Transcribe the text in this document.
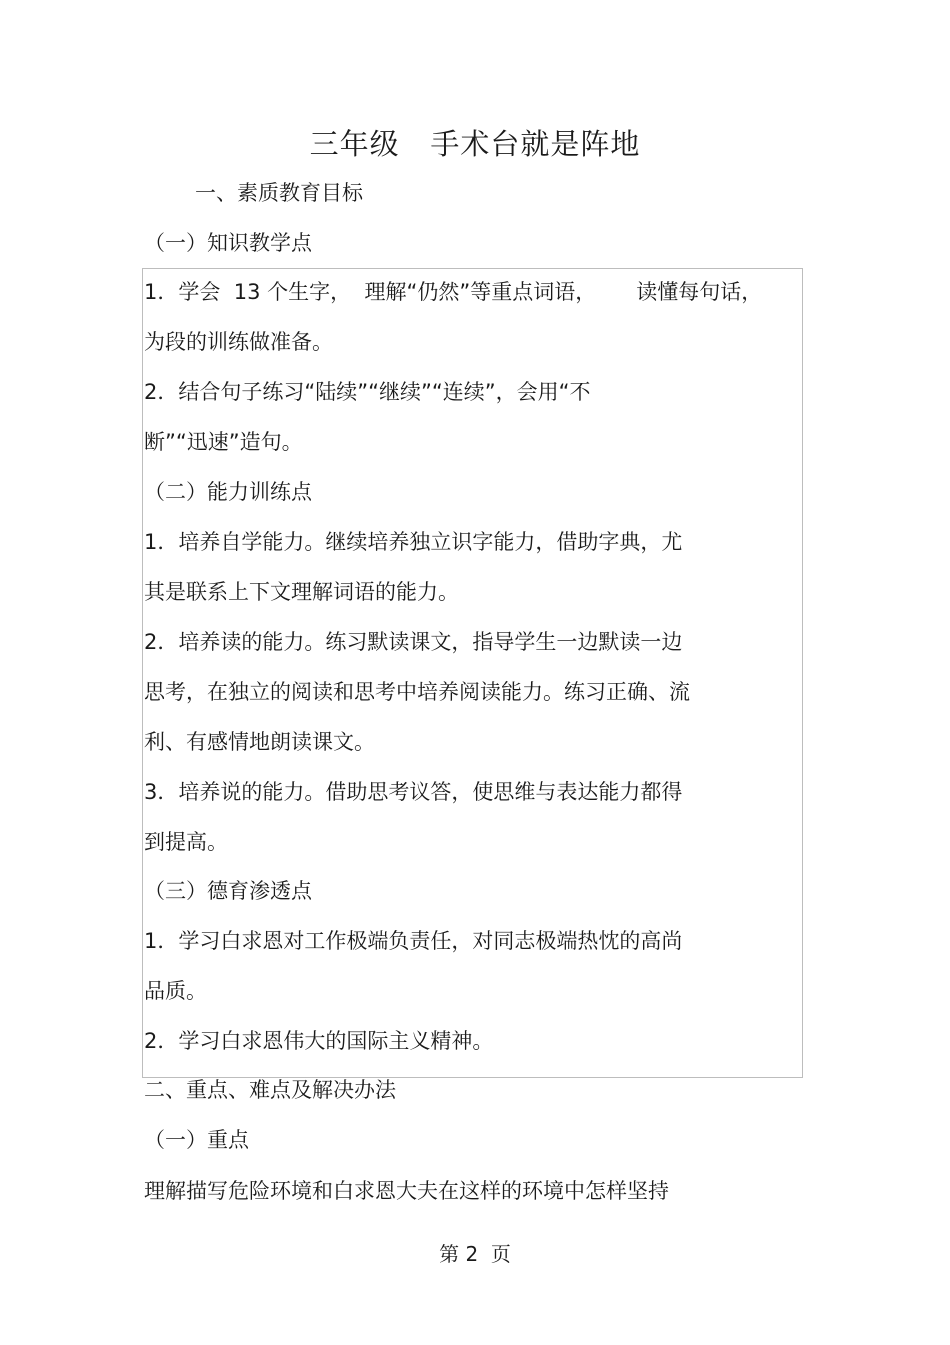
三年级   手术台就是阵地
一、素质教育目标
（一）知识教学点
1．学会  13 个生字，  理解“仍然”等重点词语，      读懂每句话，
为段的训练做准备。
2．结合句子练习“陆续”“继续”“连续”，会用“不
断”“迅速”造句。
（二）能力训练点
1．培养自学能力。继续培养独立识字能力，借助字典，尤
其是联系上下文理解词语的能力。
2．培养读的能力。练习默读课文，指导学生一边默读一边
思考，在独立的阅读和思考中培养阅读能力。练习正确、流
利、有感情地朗读课文。
3．培养说的能力。借助思考议答，使思维与表达能力都得
到提高。
（三）德育渗透点
1．学习白求恩对工作极端负责任，对同志极端热忱的高尚
品质。
2．学习白求恩伟大的国际主义精神。
二、重点、难点及解决办法
（一）重点
理解描写危险环境和白求恩大夫在这样的环境中怎样坚持
第 2  页
